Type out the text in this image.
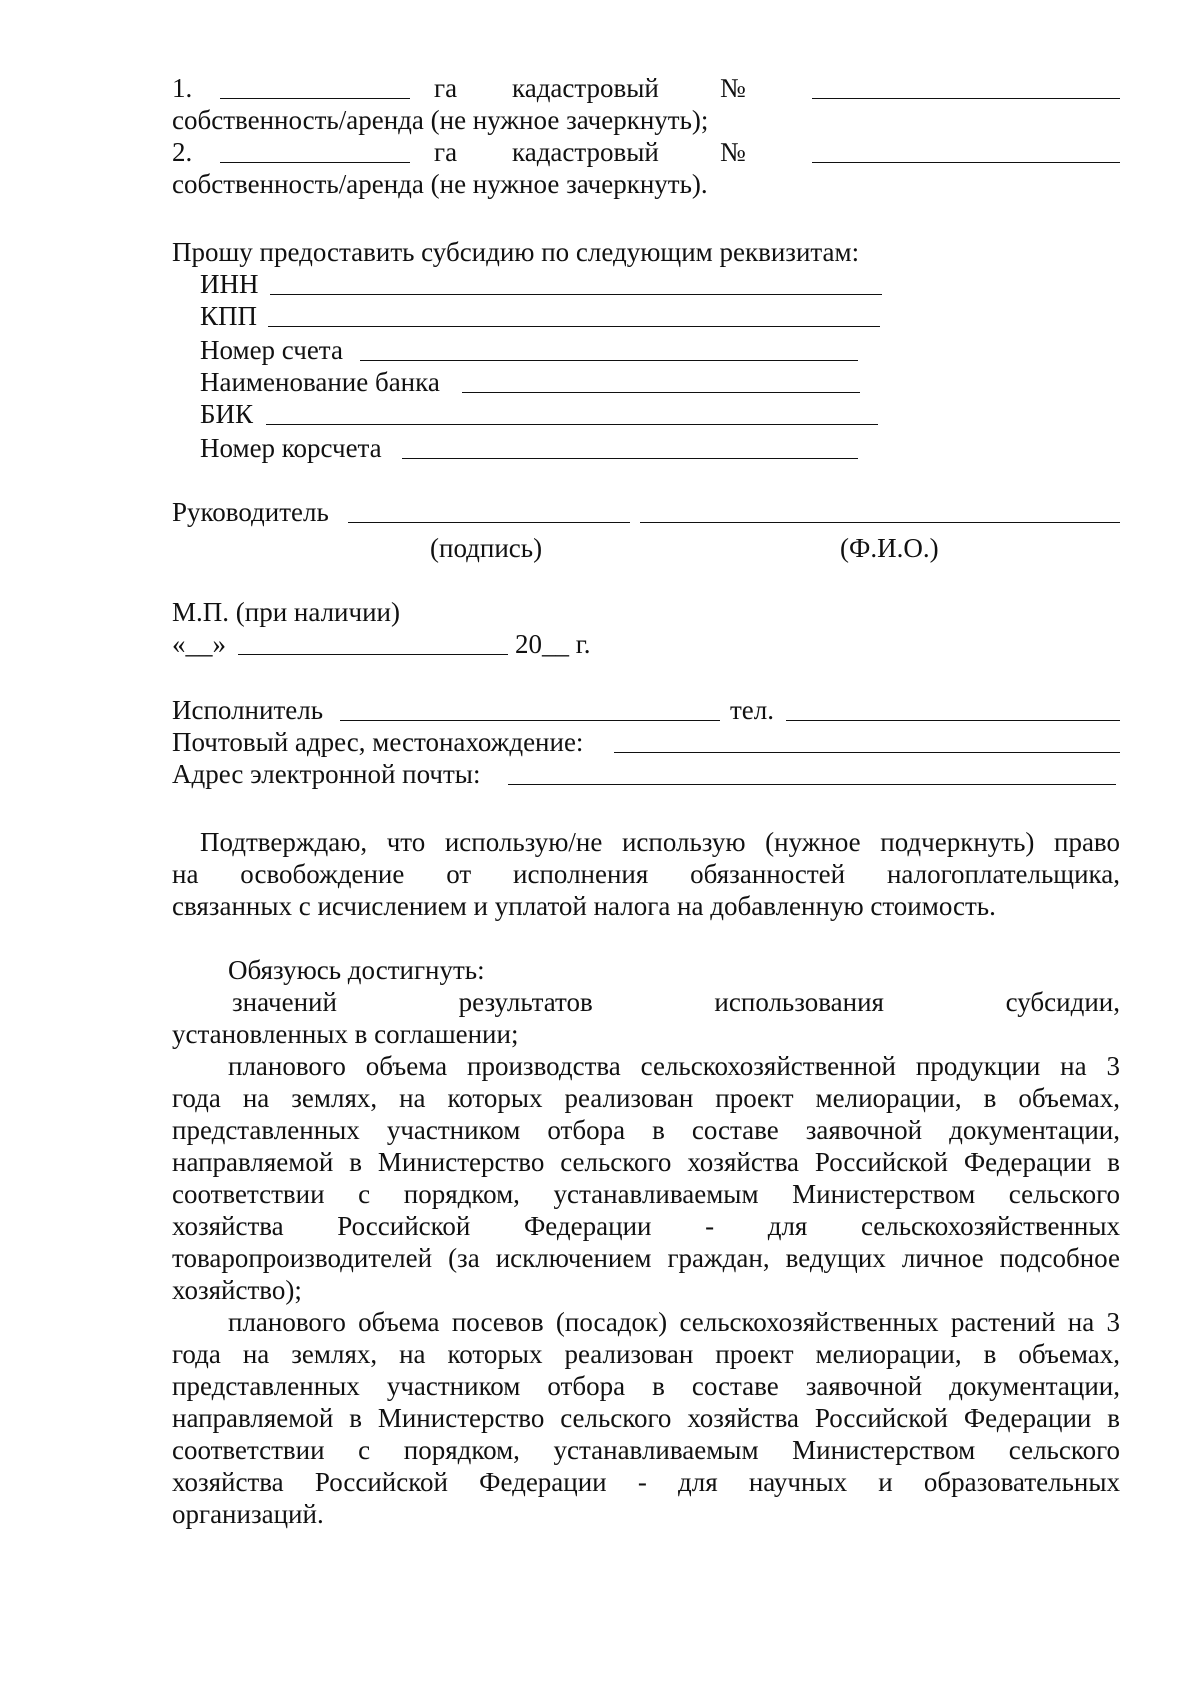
1.	га кадастровый №
собственность/аренда (не нужное зачеркнуть);
2.	га кадастровый №
собственность/аренда (не нужное зачеркнуть).
Прошу предоставить субсидию по следующим реквизитам:
ИНН
КПП
Номер счета
Наименование банка
БИК
Номер корсчета
Руководитель
(подпись)	(Ф.И.О.)
М.П. (при наличии)
«__»	20__ г.
Исполнитель	тел.
Почтовый адрес, местонахождение:
Адрес электронной почты:
Подтверждаю, что использую/не использую (нужное подчеркнуть) право
на освобождение от исполнения обязанностей налогоплательщика,
связанных с исчислением и уплатой налога на добавленную стоимость.
Обязуюсь достигнуть:
значений результатов использования субсидии,
установленных в соглашении;
планового объема производства сельскохозяйственной продукции на 3
года на землях, на которых реализован проект мелиорации, в объемах,
представленных участником отбора в составе заявочной документации,
направляемой в Министерство сельского хозяйства Российской Федерации в
соответствии с порядком, устанавливаемым Министерством сельского
хозяйства Российской Федерации - для сельскохозяйственных
товаропроизводителей (за исключением граждан, ведущих личное подсобное
хозяйство);
планового объема посевов (посадок) сельскохозяйственных растений на 3
года на землях, на которых реализован проект мелиорации, в объемах,
представленных участником отбора в составе заявочной документации,
направляемой в Министерство сельского хозяйства Российской Федерации в
соответствии с порядком, устанавливаемым Министерством сельского
хозяйства Российской Федерации - для научных и образовательных
организаций.
